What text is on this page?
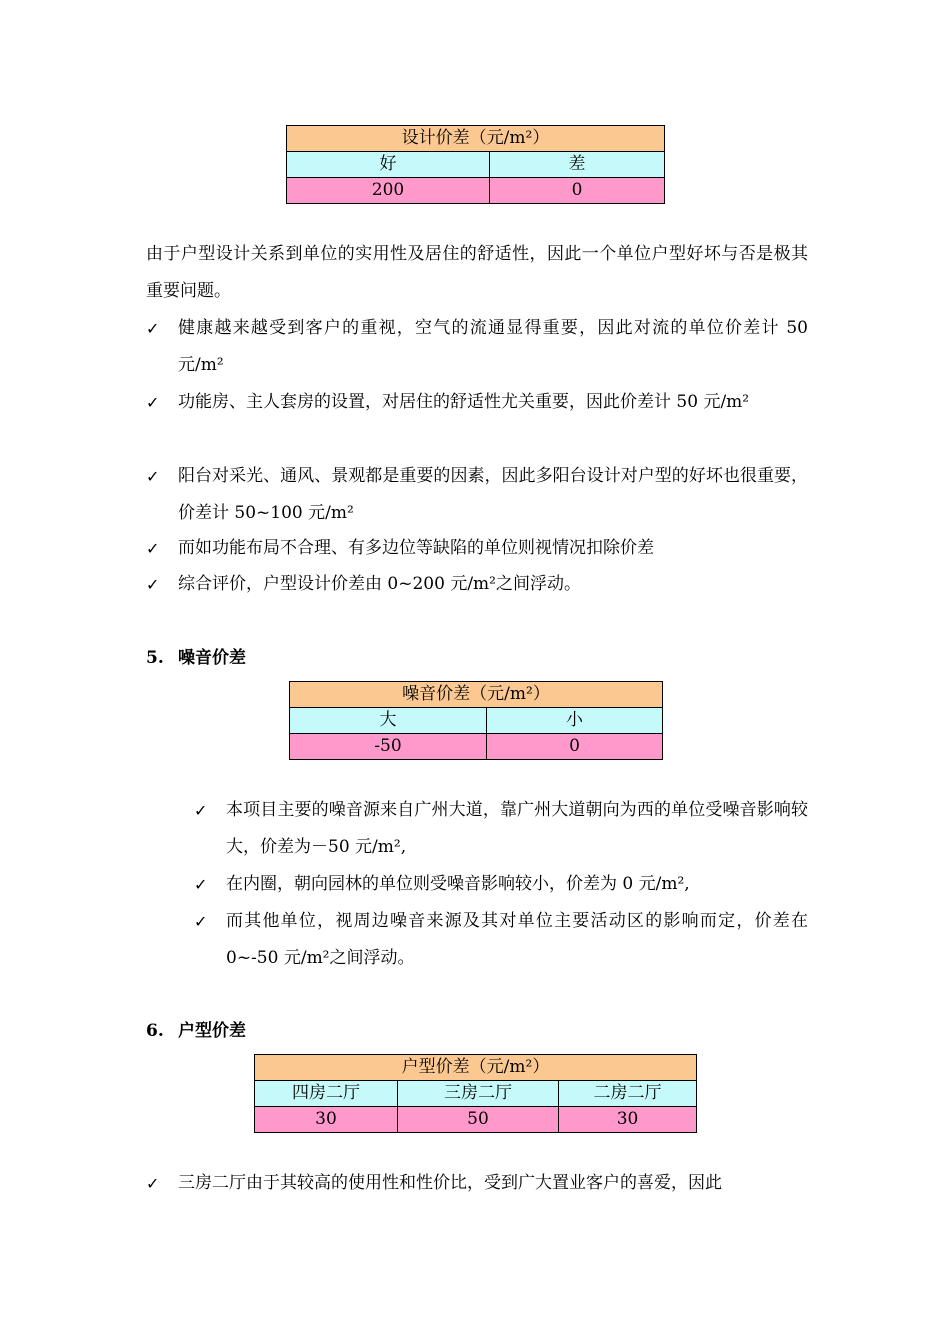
设计价差（元/m²）	
好	差
200	0

由于户型设计关系到单位的实用性及居住的舒适性，因此一个单位户型好坏与否是极其重要问题。

✓	健康越来越受到客户的重视，空气的流通显得重要，因此对流的单位价差计 50 元/m²
✓	功能房、主人套房的设置，对居住的舒适性尤关重要，因此价差计 50 元/m²
✓	阳台对采光、通风、景观都是重要的因素，因此多阳台设计对户型的好坏也很重要，价差计 50~100 元/m²
✓	而如功能布局不合理、有多边位等缺陷的单位则视情况扣除价差
✓	综合评价，户型设计价差由 0~200 元/m²之间浮动。
5. 噪音价差
噪音价差（元/m²）	
大	小
-50	0
✓	本项目主要的噪音源来自广州大道，靠广州大道朝向为西的单位受噪音影响较大，价差为－50 元/m²,
✓	在内圈，朝向园林的单位则受噪音影响较小，价差为 0 元/m²,
✓	而其他单位，视周边噪音来源及其对单位主要活动区的影响而定，价差在 0~-50 元/m²之间浮动。
6. 户型价差
户型价差（元/m²）		
四房二厅	三房二厅	二房二厅
30	50	30
✓	三房二厅由于其较高的使用性和性价比，受到广大置业客户的喜爱，因此
